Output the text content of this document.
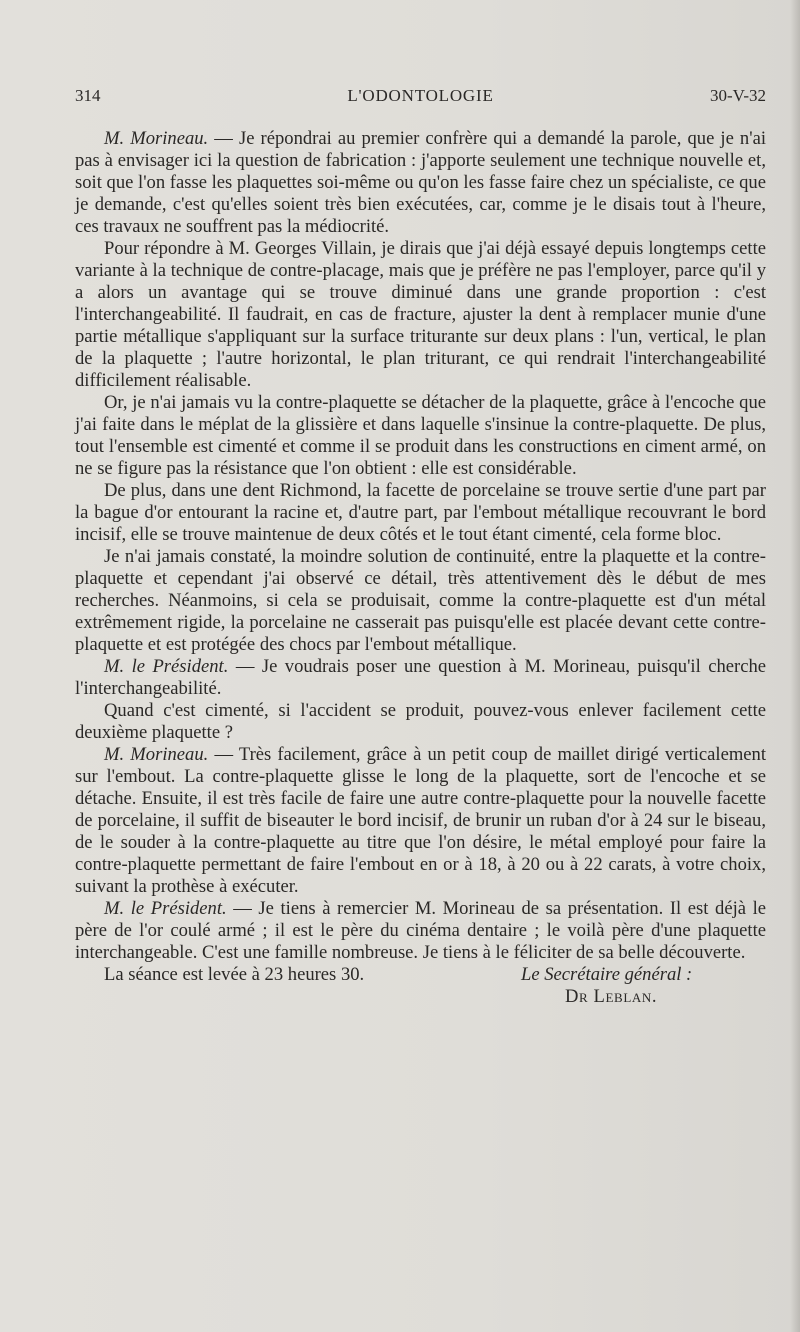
314	L'ODONTOLOGIE	30-V-32

M. Morineau. — Je répondrai au premier confrère qui a demandé la parole, que je n'ai pas à envisager ici la question de fabrication : j'apporte seulement une technique nouvelle et, soit que l'on fasse les plaquettes soi-même ou qu'on les fasse faire chez un spécialiste, ce que je demande, c'est qu'elles soient très bien exécutées, car, comme je le disais tout à l'heure, ces travaux ne souffrent pas la médiocrité.

Pour répondre à M. Georges Villain, je dirais que j'ai déjà essayé depuis longtemps cette variante à la technique de contre-placage, mais que je préfère ne pas l'employer, parce qu'il y a alors un avantage qui se trouve diminué dans une grande proportion : c'est l'interchangeabilité. Il faudrait, en cas de fracture, ajuster la dent à remplacer munie d'une partie métallique s'appliquant sur la surface triturante sur deux plans : l'un, vertical, le plan de la plaquette ; l'autre horizontal, le plan triturant, ce qui rendrait l'interchangeabilité difficilement réalisable.

Or, je n'ai jamais vu la contre-plaquette se détacher de la plaquette, grâce à l'encoche que j'ai faite dans le méplat de la glissière et dans laquelle s'insinue la contre-plaquette. De plus, tout l'ensemble est cimenté et comme il se produit dans les constructions en ciment armé, on ne se figure pas la résistance que l'on obtient : elle est considérable.

De plus, dans une dent Richmond, la facette de porcelaine se trouve sertie d'une part par la bague d'or entourant la racine et, d'autre part, par l'embout métallique recouvrant le bord incisif, elle se trouve maintenue de deux côtés et le tout étant cimenté, cela forme bloc.

Je n'ai jamais constaté, la moindre solution de continuité, entre la plaquette et la contre-plaquette et cependant j'ai observé ce détail, très attentivement dès le début de mes recherches. Néanmoins, si cela se produisait, comme la contre-plaquette est d'un métal extrêmement rigide, la porcelaine ne casserait pas puisqu'elle est placée devant cette contre-plaquette et est protégée des chocs par l'embout métallique.

M. le Président. — Je voudrais poser une question à M. Morineau, puisqu'il cherche l'interchangeabilité.

Quand c'est cimenté, si l'accident se produit, pouvez-vous enlever facilement cette deuxième plaquette ?

M. Morineau. — Très facilement, grâce à un petit coup de maillet dirigé verticalement sur l'embout. La contre-plaquette glisse le long de la plaquette, sort de l'encoche et se détache. Ensuite, il est très facile de faire une autre contre-plaquette pour la nouvelle facette de porcelaine, il suffit de biseauter le bord incisif, de brunir un ruban d'or à 24 sur le biseau, de le souder à la contre-plaquette au titre que l'on désire, le métal employé pour faire la contre-plaquette permettant de faire l'embout en or à 18, à 20 ou à 22 carats, à votre choix, suivant la prothèse à exécuter.

M. le Président. — Je tiens à remercier M. Morineau de sa présentation. Il est déjà le père de l'or coulé armé ; il est le père du cinéma dentaire ; le voilà père d'une plaquette interchangeable. C'est une famille nombreuse. Je tiens à le féliciter de sa belle découverte.

La séance est levée à 23 heures 30.	Le Secrétaire général :
Dr Leblan.
